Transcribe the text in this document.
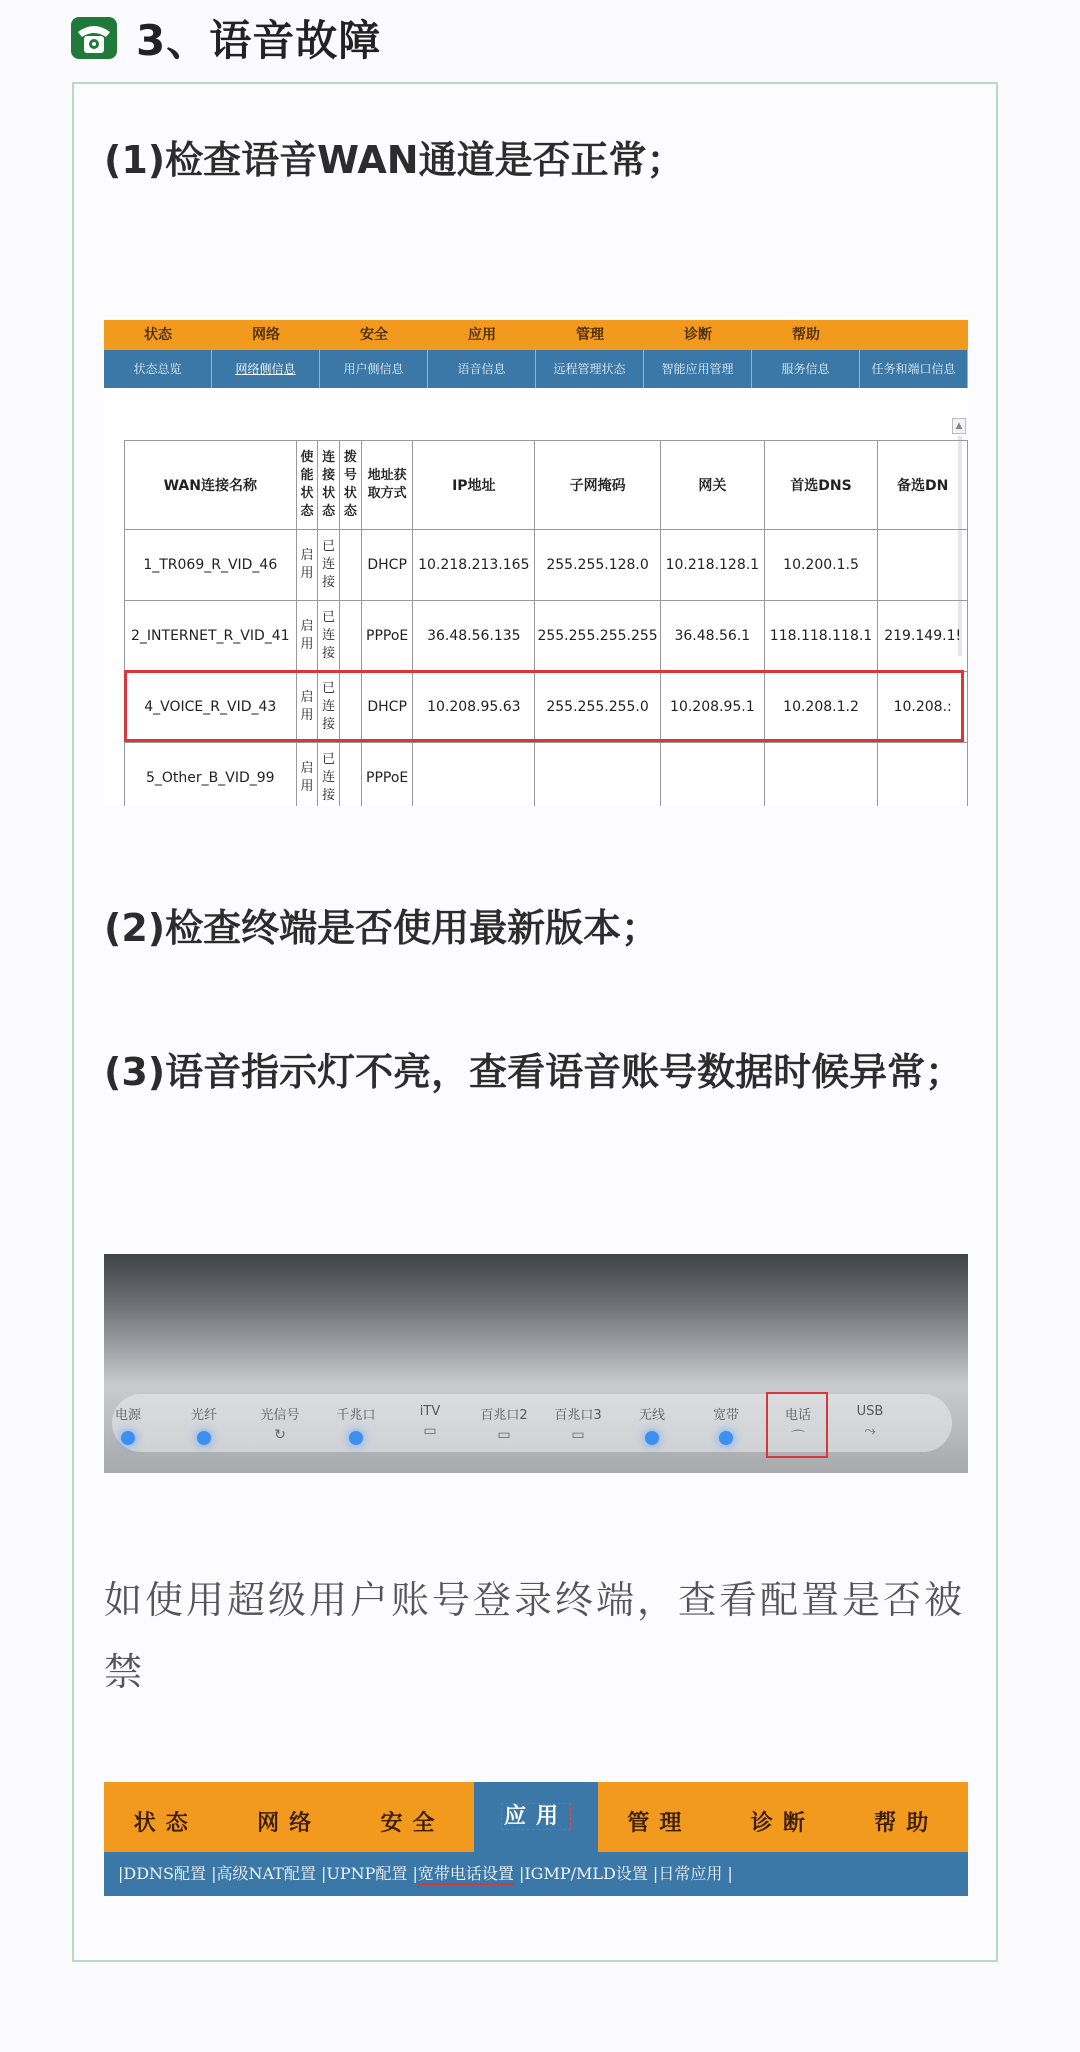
3、语音故障
(1)检查语音WAN通道是否正常；
状态	网络	安全	应用	管理	诊断	帮助
状态总览	网络侧信息	用户侧信息	语音信息	远程管理状态	智能应用管理	服务信息	任务和端口信息
▲
WAN连接名称	使能状态	连接状态	拨号状态	地址获取方式	IP地址	子网掩码	网关	首选DNS	备选DN
1_TR069_R_VID_46	启用	已连接		DHCP	10.218.213.165	255.255.128.0	10.218.128.1	10.200.1.5	
2_INTERNET_R_VID_41	启用	已连接		PPPoE	36.48.56.135	255.255.255.255	36.48.56.1	118.118.118.1	219.149.1!
4_VOICE_R_VID_43	启用	已连接		DHCP	10.208.95.63	255.255.255.0	10.208.95.1	10.208.1.2	10.208.:
5_Other_B_VID_99	启用	已连接		PPPoE					
(2)检查终端是否使用最新版本；
(3)语音指示灯不亮，查看语音账号数据时候异常；
电源	光纤	光信号
↻
千兆口	iTV
▭
百兆口2
▭
百兆口3
▭
无线	宽带	电话
⌒
USB
⤳
如使用超级用户账号登录终端，查看配置是否被禁
状态	网络	安全	应用	管理	诊断	帮助
|DDNS配置 |高级NAT配置 |UPNP配置 |宽带电话设置 |IGMP/MLD设置 |日常应用 |
